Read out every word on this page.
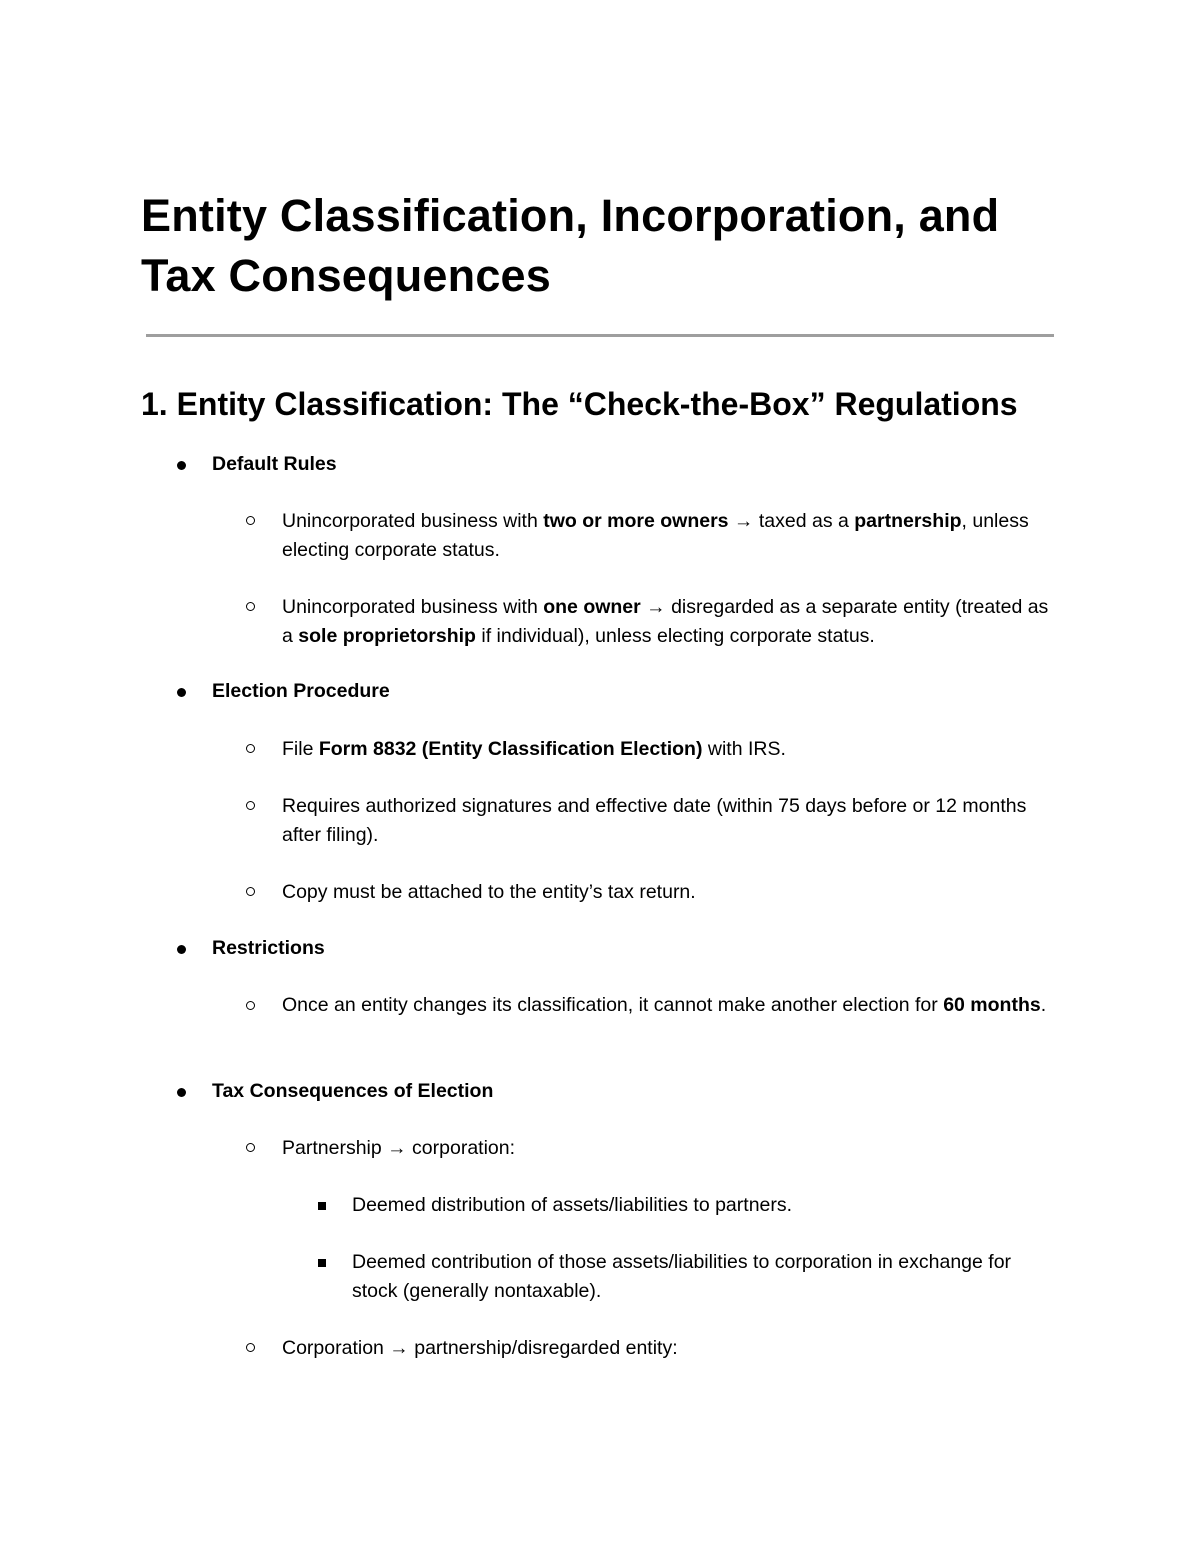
Entity Classification, Incorporation, and
Tax Consequences
1. Entity Classification: The “Check-the-Box” Regulations

Default Rules

Unincorporated business with two or more owners → taxed as a partnership, unless electing corporate status.

Unincorporated business with one owner → disregarded as a separate entity (treated as a sole proprietorship if individual), unless electing corporate status.

Election Procedure

File Form 8832 (Entity Classification Election) with IRS.

Requires authorized signatures and effective date (within 75 days before or 12 months after filing).

Copy must be attached to the entity’s tax return.

Restrictions

Once an entity changes its classification, it cannot make another election for 60 months.

Tax Consequences of Election

Partnership → corporation:

Deemed distribution of assets/liabilities to partners.

Deemed contribution of those assets/liabilities to corporation in exchange for stock (generally nontaxable).

Corporation → partnership/disregarded entity:
